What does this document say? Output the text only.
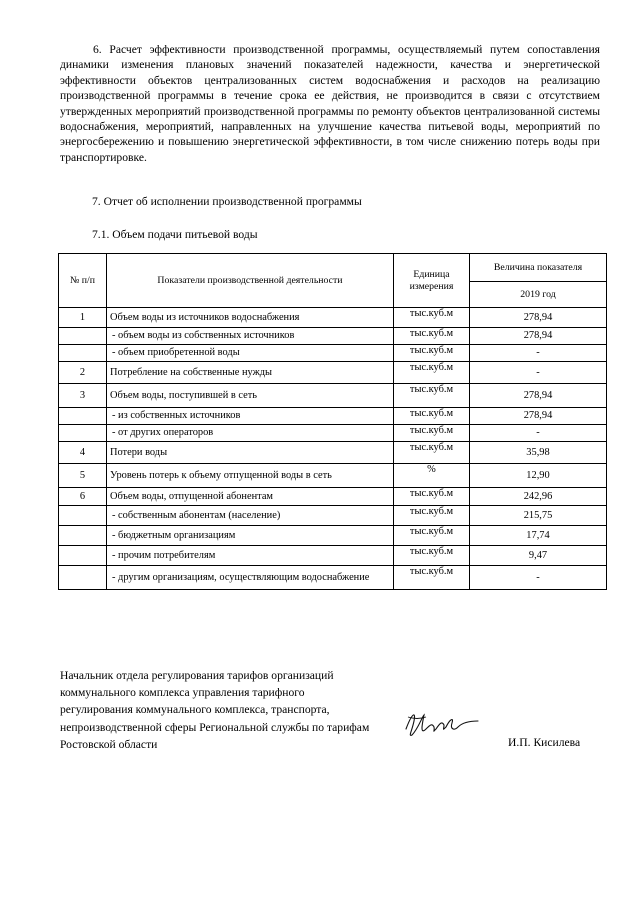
6. Расчет эффективности производственной программы, осуществляемый путем сопоставления динамики изменения плановых значений показателей надежности, качества и энергетической эффективности объектов централизованных систем водоснабжения и расходов на реализацию производственной программы в течение срока ее действия, не производится в связи с отсутствием утвержденных мероприятий производственной программы по ремонту объектов централизованной системы водоснабжения, мероприятий, направленных на улучшение качества питьевой воды, мероприятий по энергосбережению и повышению энергетической эффективности, в том числе снижению потерь воды при транспортировке.

7. Отчет об исполнении производственной программы

7.1. Объем подачи питьевой воды

№ п/п	Показатели производственной деятельности	Единица измерения	Величина показателя
			2019 год
1	Объем воды из источников водоснабжения	тыс.куб.м	278,94
	- объем воды из собственных источников	тыс.куб.м	278,94
	- объем приобретенной воды	тыс.куб.м	-
2	Потребление на собственные нужды	тыс.куб.м	-
3	Объем воды, поступившей в сеть	тыс.куб.м	278,94
	- из собственных источников	тыс.куб.м	278,94
	- от других операторов	тыс.куб.м	-
4	Потери воды	тыс.куб.м	35,98
5	Уровень потерь к объему отпущенной воды в сеть	%	12,90
6	Объем воды, отпущенной абонентам	тыс.куб.м	242,96
	- собственным абонентам (население)	тыс.куб.м	215,75
	- бюджетным организациям	тыс.куб.м	17,74
	- прочим потребителям	тыс.куб.м	9,47
	- другим организациям, осуществляющим водоснабжение	тыс.куб.м	-
Начальник отдела регулирования тарифов организаций коммунального комплекса управления тарифного регулирования коммунального комплекса, транспорта, непроизводственной сферы Региональной службы по тарифам Ростовской области	И.П. Кисилева
